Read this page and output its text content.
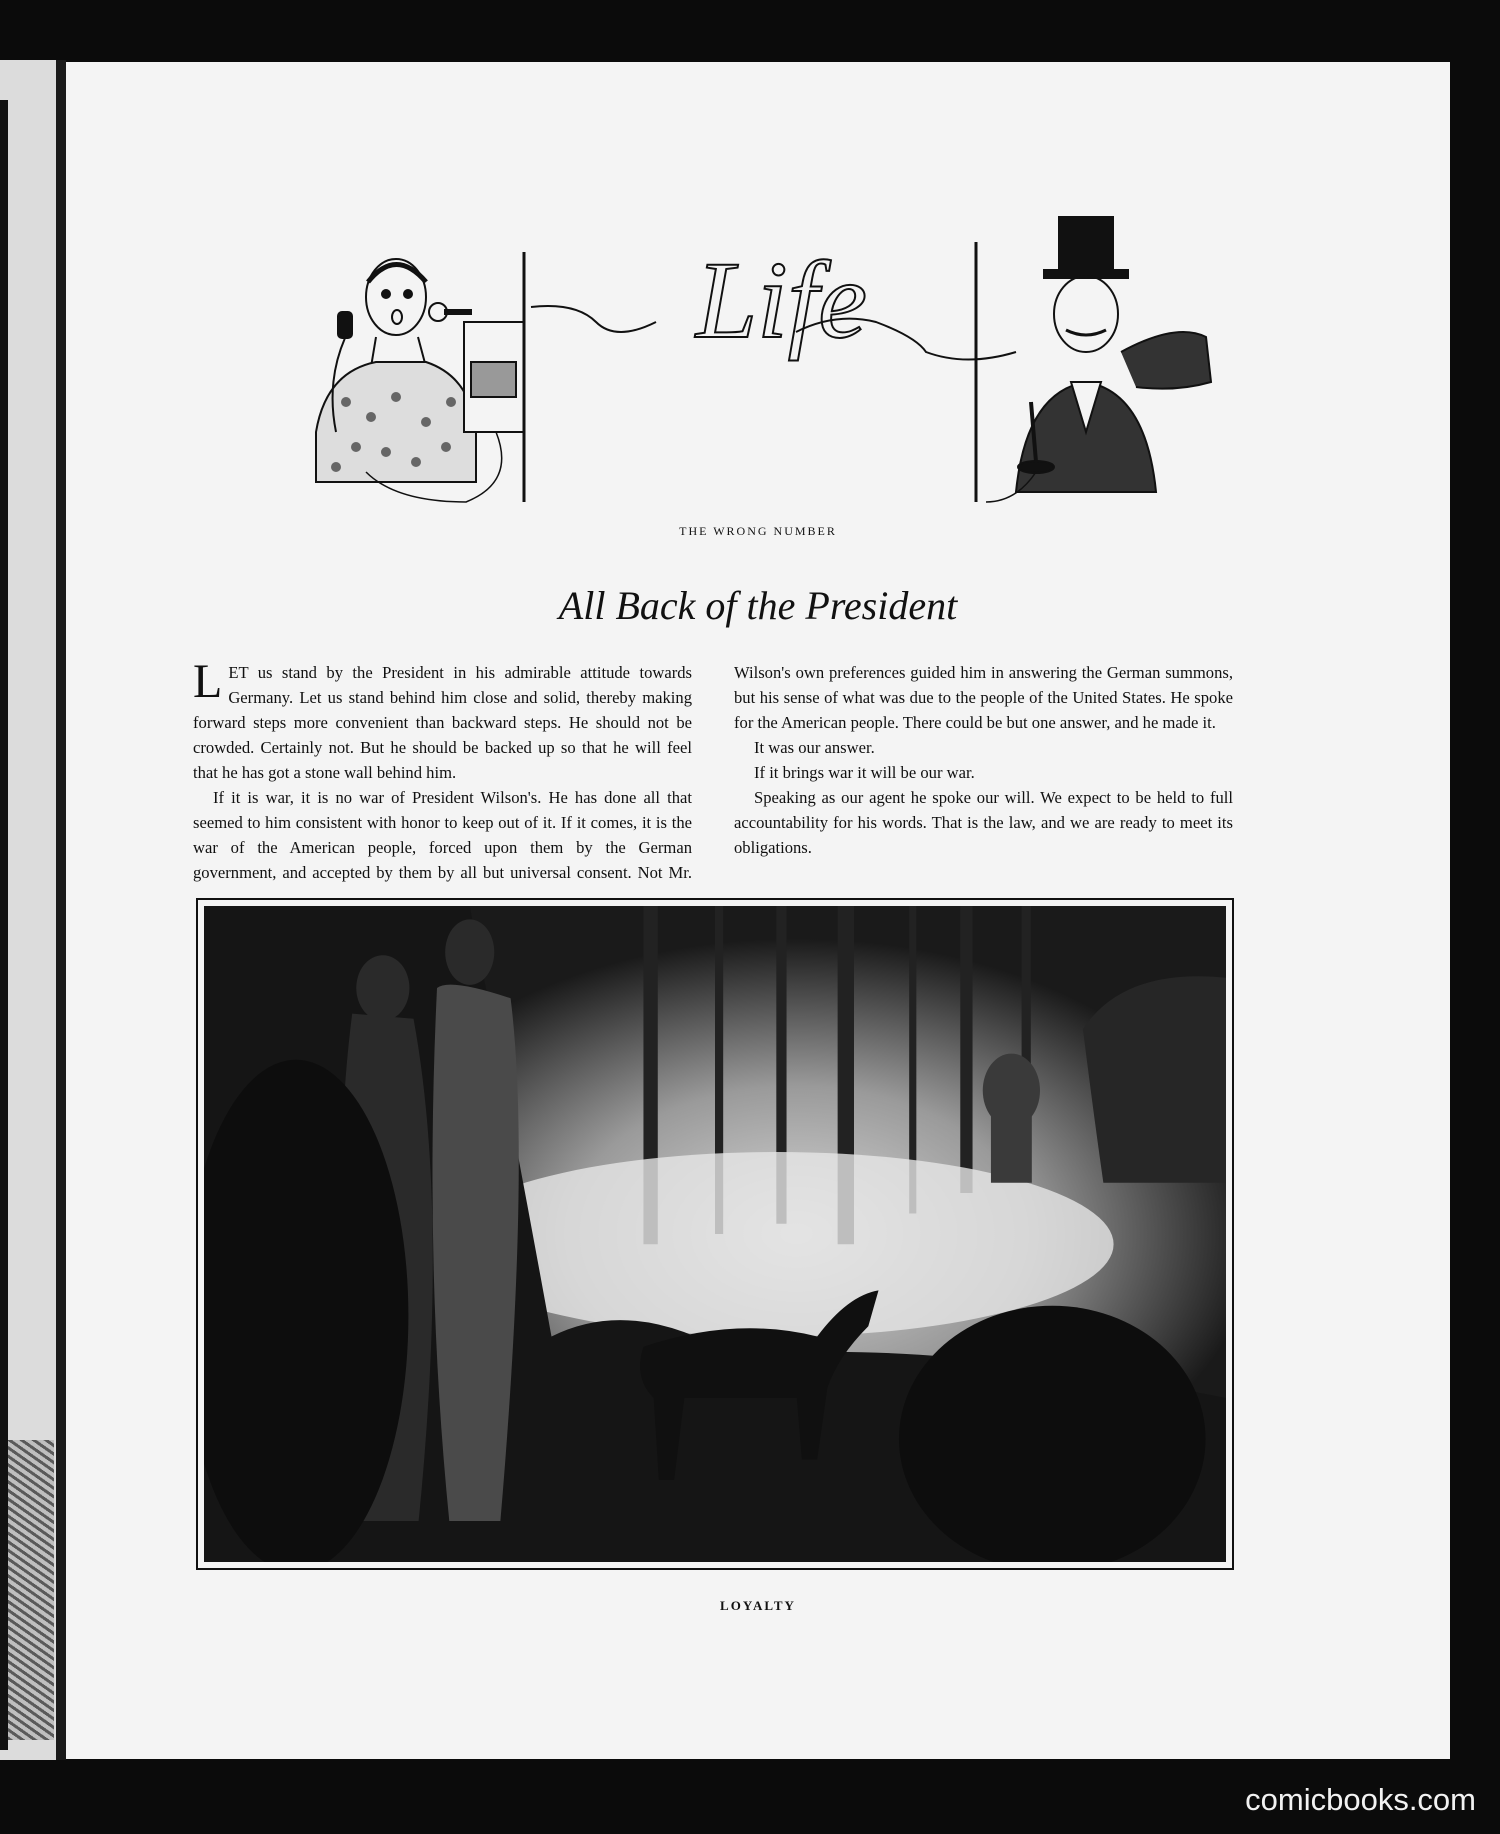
Life
THE WRONG NUMBER
All Back of the President

LET us stand by the President in his admirable attitude towards Germany. Let us stand behind him close and solid, thereby making forward steps more convenient than backward steps. He should not be crowded. Certainly not. But he should be backed up so that he will feel that he has got a stone wall behind him.

If it is war, it is no war of President Wilson's. He has done all that seemed to him consistent with honor to keep out of it. If it comes, it is the war of the American people, forced upon them by the German government, and accepted by them by all but universal consent. Not Mr. Wilson's own preferences guided him in answering the German summons, but his sense of what was due to the people of the United States. He spoke for the American people. There could be but one answer, and he made it.

It was our answer.

If it brings war it will be our war.

Speaking as our agent he spoke our will. We expect to be held to full accountability for his words. That is the law, and we are ready to meet its obligations.

LOYALTY
comicbooks.com
